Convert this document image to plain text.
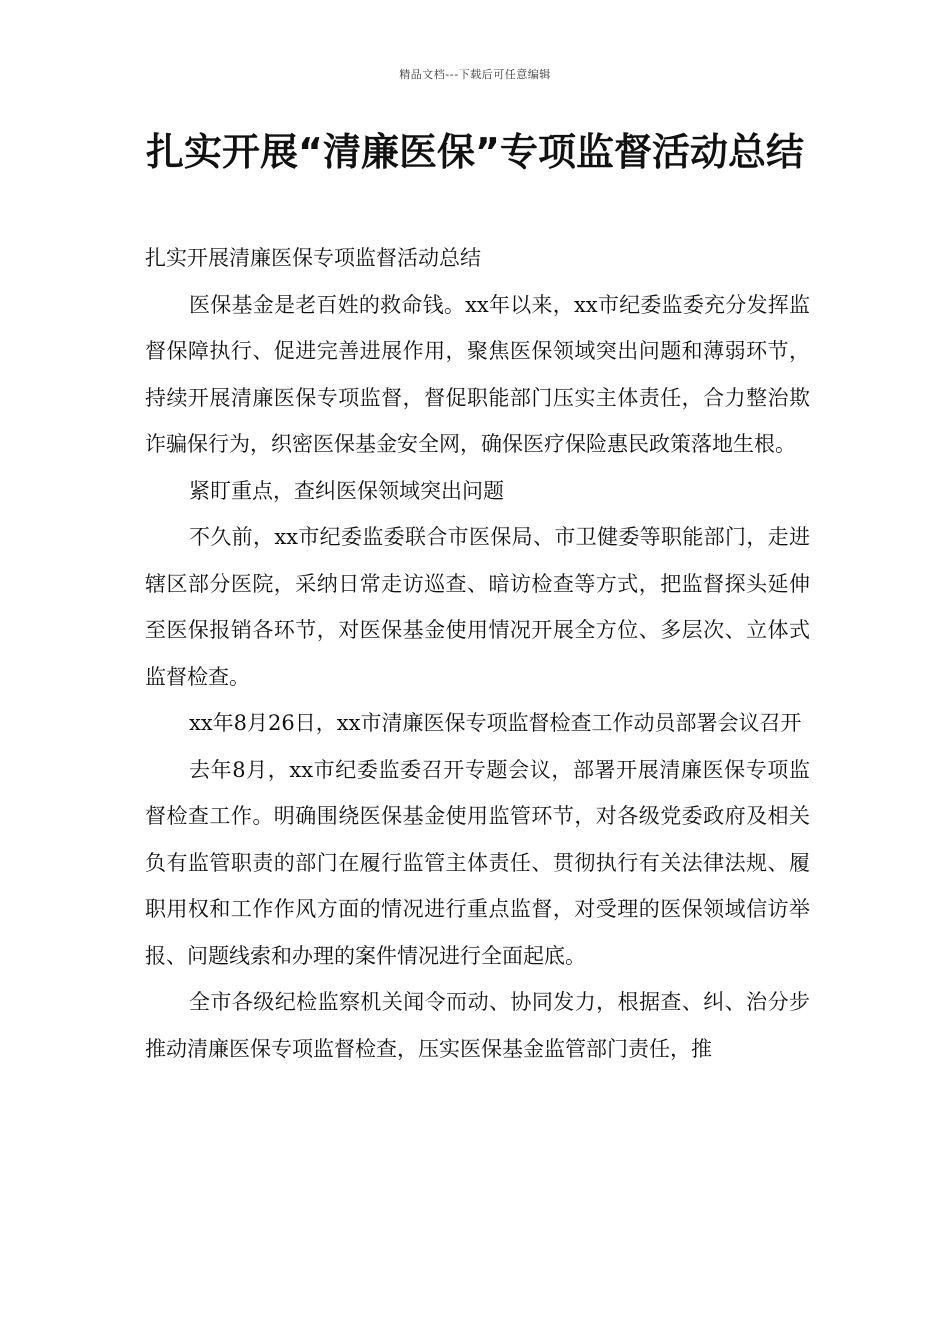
精品文档---下载后可任意编辑
扎实开展“清廉医保”专项监督活动总结

扎实开展清廉医保专项监督活动总结

医保基金是老百姓的救命钱。xx年以来，xx市纪委监委充分发挥监督保障执行、促进完善进展作用，聚焦医保领域突出问题和薄弱环节，持续开展清廉医保专项监督，督促职能部门压实主体责任，合力整治欺诈骗保行为，织密医保基金安全网，确保医疗保险惠民政策落地生根。

紧盯重点，查纠医保领域突出问题

不久前，xx市纪委监委联合市医保局、市卫健委等职能部门，走进辖区部分医院，采纳日常走访巡查、暗访检查等方式，把监督探头延伸至医保报销各环节，对医保基金使用情况开展全方位、多层次、立体式监督检查。

xx年8月26日，xx市清廉医保专项监督检查工作动员部署会议召开

去年8月，xx市纪委监委召开专题会议，部署开展清廉医保专项监督检查工作。明确围绕医保基金使用监管环节，对各级党委政府及相关负有监管职责的部门在履行监管主体责任、贯彻执行有关法律法规、履职用权和工作作风方面的情况进行重点监督，对受理的医保领域信访举报、问题线索和办理的案件情况进行全面起底。

全市各级纪检监察机关闻令而动、协同发力，根据查、纠、治分步推动清廉医保专项监督检查，压实医保基金监管部门责任，推
